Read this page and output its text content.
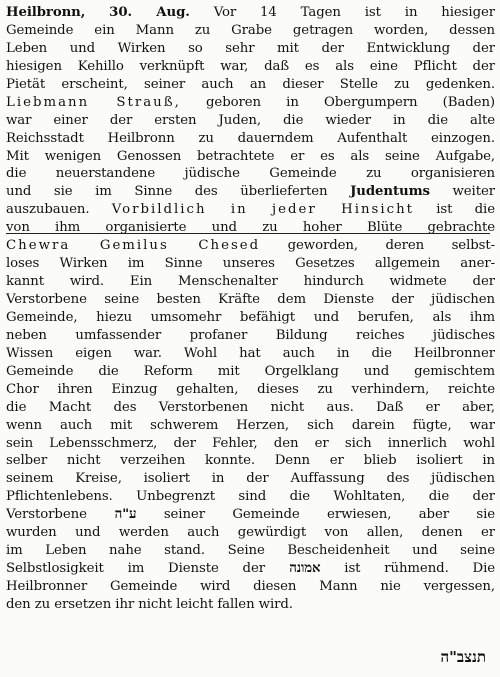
Heilbronn, 30. Aug. Vor 14 Tagen ist in hiesiger
Gemeinde ein Mann zu Grabe getragen worden, dessen
Leben und Wirken so sehr mit der Entwicklung der
hiesigen Kehillo verknüpft war, daß es als eine Pflicht der
Pietät erscheint, seiner auch an dieser Stelle zu gedenken.
Liebmann Strauß, geboren in Obergumpern (Baden)
war einer der ersten Juden, die wieder in die alte
Reichsstadt Heilbronn zu dauerndem Aufenthalt einzogen.
Mit wenigen Genossen betrachtete er es als seine Aufgabe,
die neuerstandene jüdische Gemeinde zu organisieren
und sie im Sinne des überlieferten Judentums weiter
auszubauen. Vorbildlich in jeder Hinsicht ist die
von ihm organisierte und zu hoher Blüte gebrachte
Chewra Gemilus Chesed geworden, deren selbst-
loses Wirken im Sinne unseres Gesetzes allgemein aner-
kannt wird. Ein Menschenalter hindurch widmete der
Verstorbene seine besten Kräfte dem Dienste der jüdischen
Gemeinde, hiezu umsomehr befähigt und berufen, als ihm
neben umfassender profaner Bildung reiches jüdisches
Wissen eigen war. Wohl hat auch in die Heilbronner
Gemeinde die Reform mit Orgelklang und gemischtem
Chor ihren Einzug gehalten, dieses zu verhindern, reichte
die Macht des Verstorbenen nicht aus. Daß er aber,
wenn auch mit schwerem Herzen, sich darein fügte, war
sein Lebensschmerz, der Fehler, den er sich innerlich wohl
selber nicht verzeihen konnte. Denn er blieb isoliert in
seinem Kreise, isoliert in der Auffassung des jüdischen
Pflichtenlebens. Unbegrenzt sind die Wohltaten, die der
Verstorbene ע"ה seiner Gemeinde erwiesen, aber sie
wurden und werden auch gewürdigt von allen, denen er
im Leben nahe stand. Seine Bescheidenheit und seine
Selbstlosigkeit im Dienste der אמונה ist rühmend. Die
Heilbronner Gemeinde wird diesen Mann nie vergessen,
den zu ersetzen ihr nicht leicht fallen wird.
תנצב"ה
